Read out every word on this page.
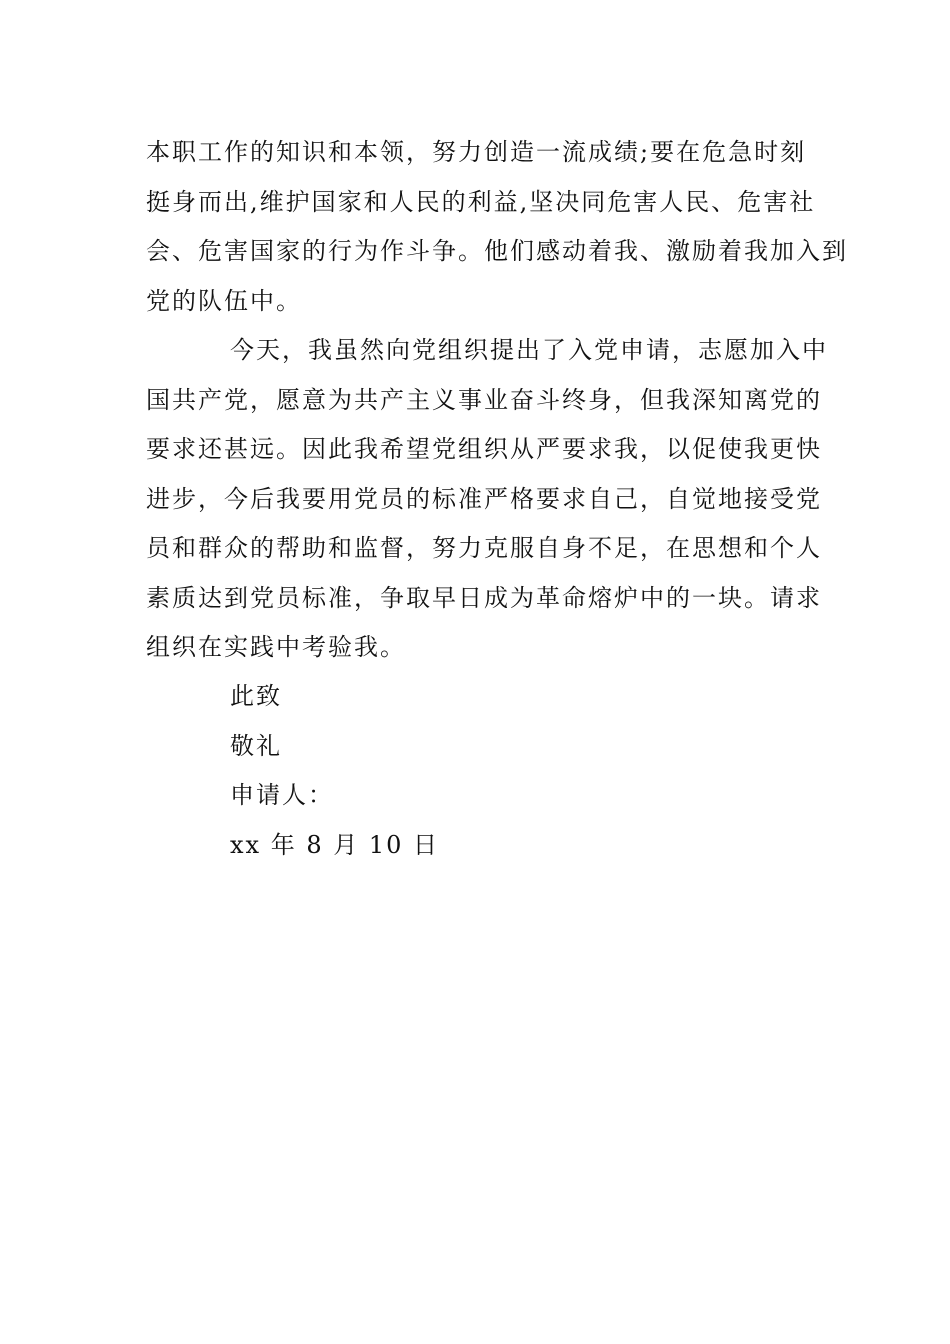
本职工作的知识和本领，努力创造一流成绩;要在危急时刻
挺身而出,维护国家和人民的利益,坚决同危害人民、危害社
会、危害国家的行为作斗争。他们感动着我、激励着我加入到
党的队伍中。
今天，我虽然向党组织提出了入党申请，志愿加入中
国共产党，愿意为共产主义事业奋斗终身，但我深知离党的
要求还甚远。因此我希望党组织从严要求我，以促使我更快
进步，今后我要用党员的标准严格要求自己，自觉地接受党
员和群众的帮助和监督，努力克服自身不足，在思想和个人
素质达到党员标准，争取早日成为革命熔炉中的一块。请求
组织在实践中考验我。
此致
敬礼
申请人：
xx 年 8 月 10 日
